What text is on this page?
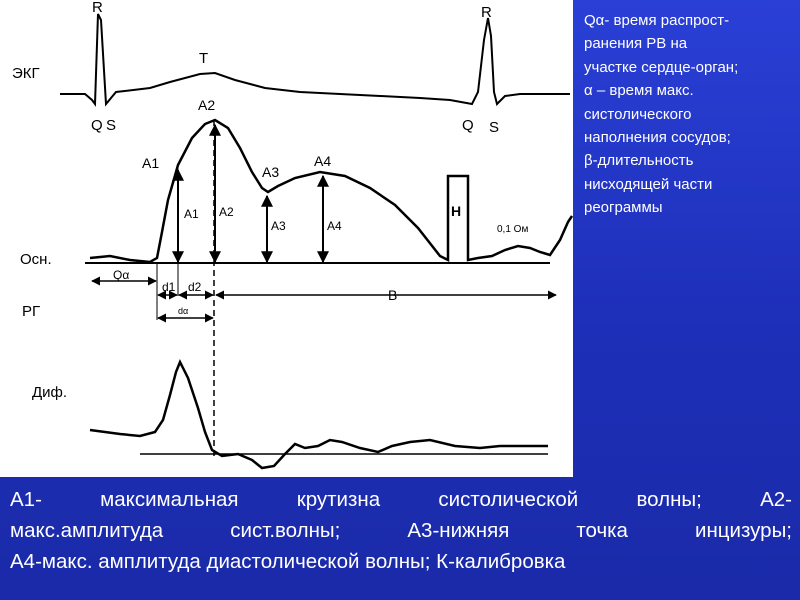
ЭКГ
Осн.
РГ
Диф.
R
Q S
T
R
Q S
A1
A2
A3
A4
A1 A2
A3	A4
H
Qα
d1 d2
dα
B
0,1 Ом
Qα- время распрост-
ранения РВ на
участке сердце-орган;
α – время макс.
систолического
наполнения сосудов;
β-длительность
нисходящей части
реограммы
А1- максимальная крутизна систолической волны; А2-
макс.амплитуда сист.волны; А3-нижняя точка инцизуры;
А4-макс. амплитуда диастолической волны; К-калибровка
